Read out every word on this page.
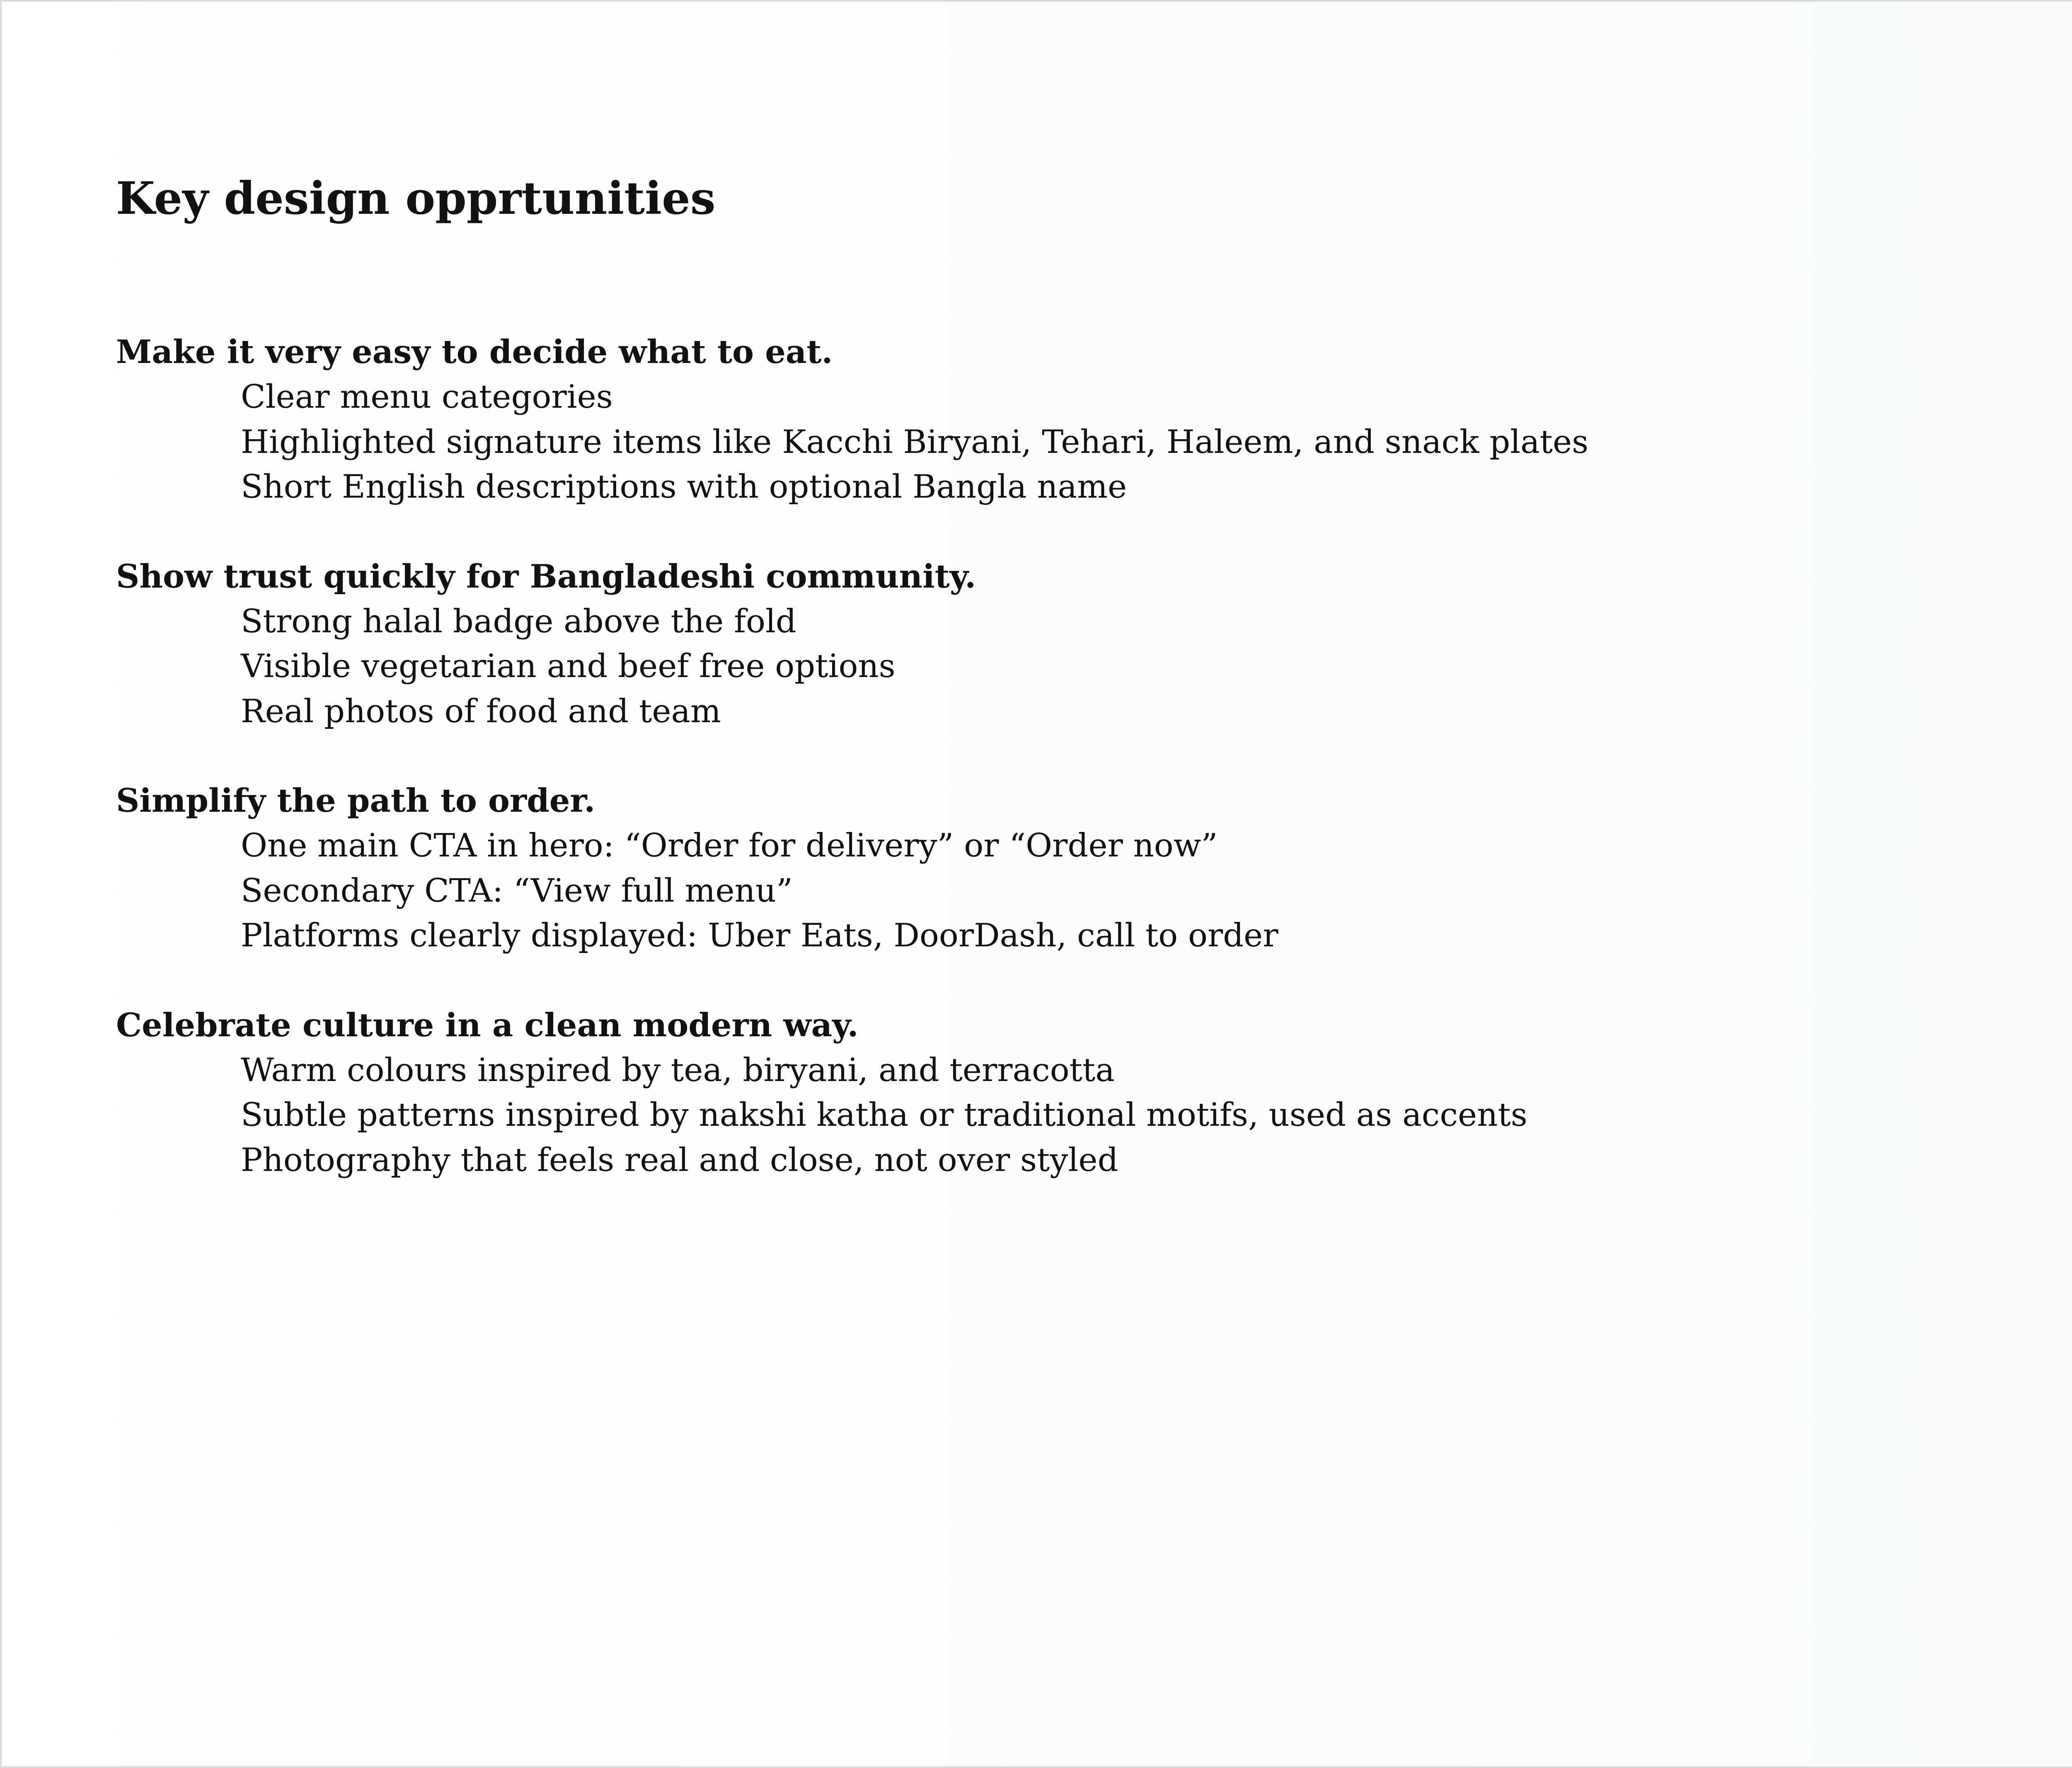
Key design opprtunities

Make it very easy to decide what to eat.

Clear menu categories
Highlighted signature items like Kacchi Biryani, Tehari, Haleem, and snack plates
Short English descriptions with optional Bangla name

Show trust quickly for Bangladeshi community.

Strong halal badge above the fold
Visible vegetarian and beef free options
Real photos of food and team

Simplify the path to order.

One main CTA in hero: “Order for delivery” or “Order now”
Secondary CTA: “View full menu”
Platforms clearly displayed: Uber Eats, DoorDash, call to order

Celebrate culture in a clean modern way.

Warm colours inspired by tea, biryani, and terracotta
Subtle patterns inspired by nakshi katha or traditional motifs, used as accents
Photography that feels real and close, not over styled
